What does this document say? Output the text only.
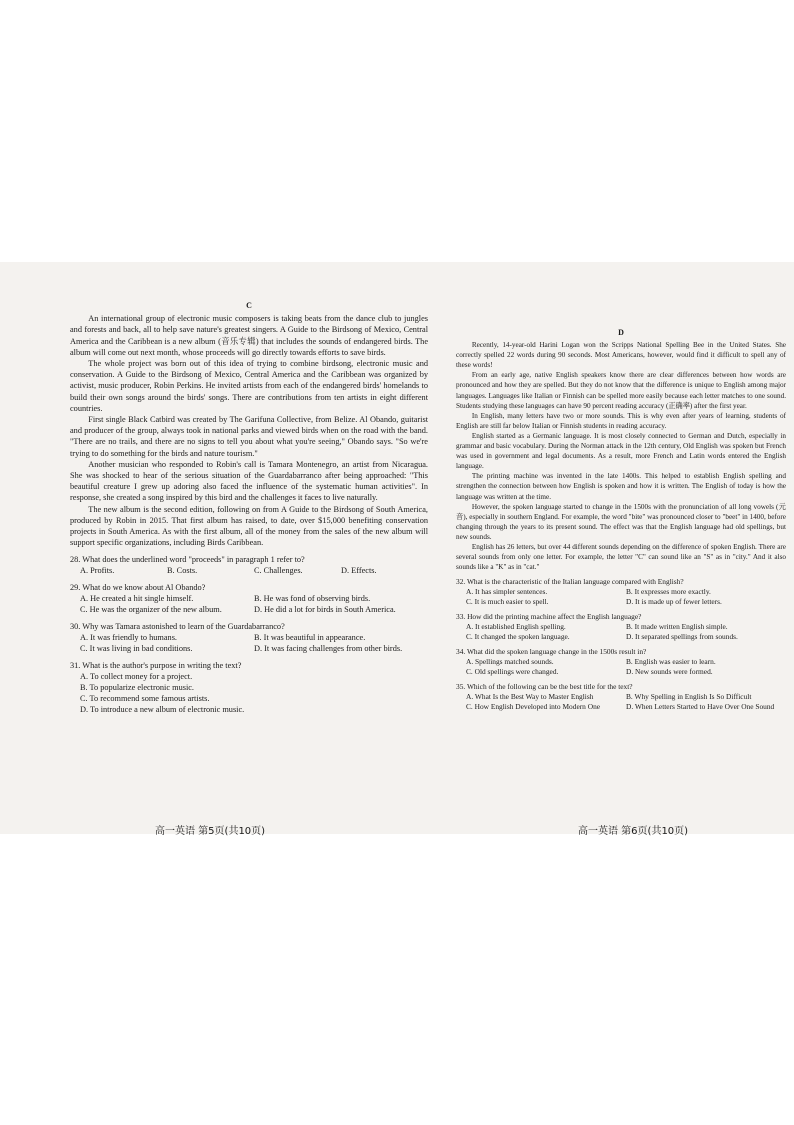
C

An international group of electronic music composers is taking beats from the dance club to jungles and forests and back, all to help save nature's greatest singers. A Guide to the Birdsong of Mexico, Central America and the Caribbean is a new album (音乐专辑) that includes the sounds of endangered birds. The album will come out next month, whose proceeds will go directly towards efforts to save birds.

The whole project was born out of this idea of trying to combine birdsong, electronic music and conservation. A Guide to the Birdsong of Mexico, Central America and the Caribbean was organized by activist, music producer, Robin Perkins. He invited artists from each of the endangered birds' homelands to build their own songs around the birds' songs. There are contributions from ten artists in eight different countries.

First single Black Catbird was created by The Garifuna Collective, from Belize. Al Obando, guitarist and producer of the group, always took in national parks and viewed birds when on the road with the band. "There are no trails, and there are no signs to tell you about what you're seeing," Obando says. "So we're trying to do something for the birds and nature tourism."

Another musician who responded to Robin's call is Tamara Montenegro, an artist from Nicaragua. She was shocked to hear of the serious situation of the Guardabarranco after being approached: "This beautiful creature I grew up adoring also faced the influence of the systematic human activities". In response, she created a song inspired by this bird and the challenges it faces to live naturally.

The new album is the second edition, following on from A Guide to the Birdsong of South America, produced by Robin in 2015. That first album has raised, to date, over $15,000 benefiting conservation projects in South America. As with the first album, all of the money from the sales of the new album will support specific organizations, including Birds Caribbean.

28. What does the underlined word "proceeds" in paragraph 1 refer to?
A. Profits.	B. Costs.	C. Challenges.	D. Effects.
29. What do we know about Al Obando?
A. He created a hit single himself.	B. He was fond of observing birds.
C. He was the organizer of the new album.	D. He did a lot for birds in South America.
30. Why was Tamara astonished to learn of the Guardabarranco?
A. It was friendly to humans.	B. It was beautiful in appearance.
C. It was living in bad conditions.	D. It was facing challenges from other birds.
31. What is the author's purpose in writing the text?
A. To collect money for a project.
B. To popularize electronic music.
C. To recommend some famous artists.
D. To introduce a new album of electronic music.
D

Recently, 14-year-old Harini Logan won the Scripps National Spelling Bee in the United States. She correctly spelled 22 words during 90 seconds. Most Americans, however, would find it difficult to spell any of these words!

From an early age, native English speakers know there are clear differences between how words are pronounced and how they are spelled. But they do not know that the difference is unique to English among major languages. Languages like Italian or Finnish can be spelled more easily because each letter matches to one sound. Students studying these languages can have 90 percent reading accuracy (正确率) after the first year.

In English, many letters have two or more sounds. This is why even after years of learning, students of English are still far below Italian or Finnish students in reading accuracy.

English started as a Germanic language. It is most closely connected to German and Dutch, especially in grammar and basic vocabulary. During the Norman attack in the 12th century, Old English was spoken but French was used in government and legal documents. As a result, more French and Latin words entered the English language.

The printing machine was invented in the late 1400s. This helped to establish English spelling and strengthen the connection between how English is spoken and how it is written. The English of today is how the language was written at the time.

However, the spoken language started to change in the 1500s with the pronunciation of all long vowels (元音), especially in southern England. For example, the word "bite" was pronounced closer to "beet" in 1400, before changing through the years to its present sound. The effect was that the English language had old spellings, but new sounds.

English has 26 letters, but over 44 different sounds depending on the difference of spoken English. There are several sounds from only one letter. For example, the letter "C" can sound like an "S" as in "city." And it also sounds like a "K" as in "cat."

32. What is the characteristic of the Italian language compared with English?
A. It has simpler sentences.	B. It expresses more exactly.
C. It is much easier to spell.	D. It is made up of fewer letters.
33. How did the printing machine affect the English language?
A. It established English spelling.	B. It made written English simple.
C. It changed the spoken language.	D. It separated spellings from sounds.
34. What did the spoken language change in the 1500s result in?
A. Spellings matched sounds.	B. English was easier to learn.
C. Old spellings were changed.	D. New sounds were formed.
35. Which of the following can be the best title for the text?
A. What Is the Best Way to Master English	B. Why Spelling in English Is So Difficult
C. How English Developed into Modern One	D. When Letters Started to Have Over One Sound
高一英语 第5页(共10页)	高一英语 第6页(共10页)
